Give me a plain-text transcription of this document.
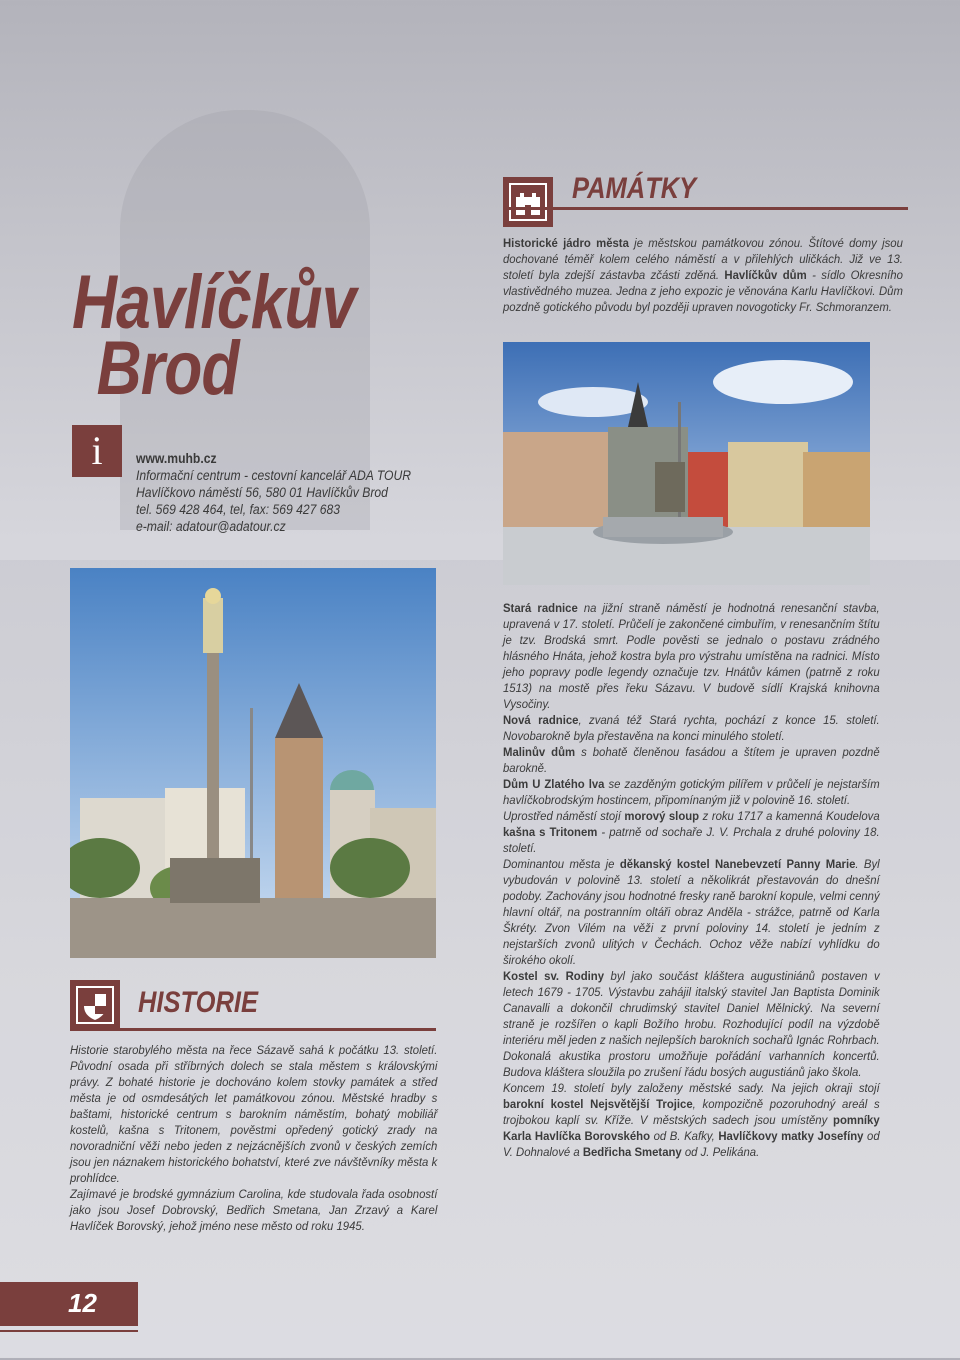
Havlíčkův
Brod
i	www.muhb.cz
Informační centrum - cestovní kancelář ADA TOUR
Havlíčkovo náměstí 56, 580 01 Havlíčkův Brod
tel. 569 428 464, tel, fax: 569 427 683
e-mail: adatour@adatour.cz
PAMÁTKY
Historické jádro města je městskou památkovou zónou. Štítové domy jsou dochované téměř kolem celého náměstí a v přilehlých uličkách. Již ve 13. století byla zdejší zástavba zčásti zděná. Havlíčkův dům - sídlo Okresního vlastivědného muzea. Jedna z jeho expozic je věnována Karlu Havlíčkovi. Dům pozdně gotického původu byl později upraven novogoticky Fr. Schmoranzem.
Stará radnice na jižní straně náměstí je hodnotná renesanční stavba, upravená v 17. století. Průčelí je zakončené cimbuřím, v renesančním štítu je tzv. Brodská smrt. Podle pověsti se jednalo o postavu zrádného hlásného Hnáta, jehož kostra byla pro výstrahu umístěna na radnici. Místo jeho popravy podle legendy označuje tzv. Hnátův kámen (patrně z roku 1513) na mostě přes řeku Sázavu. V budově sídlí Krajská knihovna Vysočiny.
Nová radnice, zvaná též Stará rychta, pochází z konce 15. století. Novobarokně byla přestavěna na konci minulého století.
Malinův dům s bohatě členěnou fasádou a štítem je upraven pozdně barokně.
Dům U Zlatého lva se zazděným gotickým pilířem v průčelí je nejstarším havlíčkobrodským hostincem, připomínaným již v polovině 16. století.
Uprostřed náměstí stojí morový sloup z roku 1717 a kamenná Koudelova kašna s Tritonem - patrně od sochaře J. V. Prchala z druhé poloviny 18. století.
Dominantou města je děkanský kostel Nanebevzetí Panny Marie. Byl vybudován v polovině 13. století a několikrát přestavován do dnešní podoby. Zachovány jsou hodnotné fresky raně barokní kopule, velmi cenný hlavní oltář, na postranním oltáři obraz Anděla - strážce, patrně od Karla Škréty. Zvon Vilém na věži z první poloviny 14. století je jedním z nejstarších zvonů ulitých v Čechách. Ochoz věže nabízí vyhlídku do širokého okolí.
Kostel sv. Rodiny byl jako součást kláštera augustiniánů postaven v letech 1679 - 1705. Výstavbu zahájil italský stavitel Jan Baptista Dominik Canavalli a dokončil chrudimský stavitel Daniel Mělnický. Na severní straně je rozšířen o kapli Božího hrobu. Rozhodující podíl na výzdobě interiéru měl jeden z našich nejlepších barokních sochařů Ignác Rohrbach. Dokonalá akustika prostoru umožňuje pořádání varhanních koncertů. Budova kláštera sloužila po zrušení řádu bosých augustiánů jako škola.
Koncem 19. století byly založeny městské sady. Na jejich okraji stojí barokní kostel Nejsvětější Trojice, kompozičně pozoruhodný areál s trojbokou kaplí sv. Kříže. V městských sadech jsou umístěny pomníky Karla Havlíčka Borovského od B. Kafky, Havlíčkovy matky Josefíny od V. Dohnalové a Bedřicha Smetany od J. Pelikána.
HISTORIE
Historie starobylého města na řece Sázavě sahá k počátku 13. století. Původní osada při stříbrných dolech se stala městem s královskými právy. Z bohaté historie je dochováno kolem stovky památek a střed města je od osmdesátých let památkovou zónou. Městské hradby s baštami, historické centrum s barokním náměstím, bohatý mobiliář kostelů, kašna s Tritonem, pověstmi opředený gotický zrady na novoradniční věži nebo jeden z nejzácnějších zvonů v českých zemích jsou jen náznakem historického bohatství, které zve návštěvníky města k prohlídce.
Zajímavé je brodské gymnázium Carolina, kde studovala řada osobností jako jsou Josef Dobrovský, Bedřich Smetana, Jan Zrzavý a Karel Havlíček Borovský, jehož jméno nese město od roku 1945.
12
